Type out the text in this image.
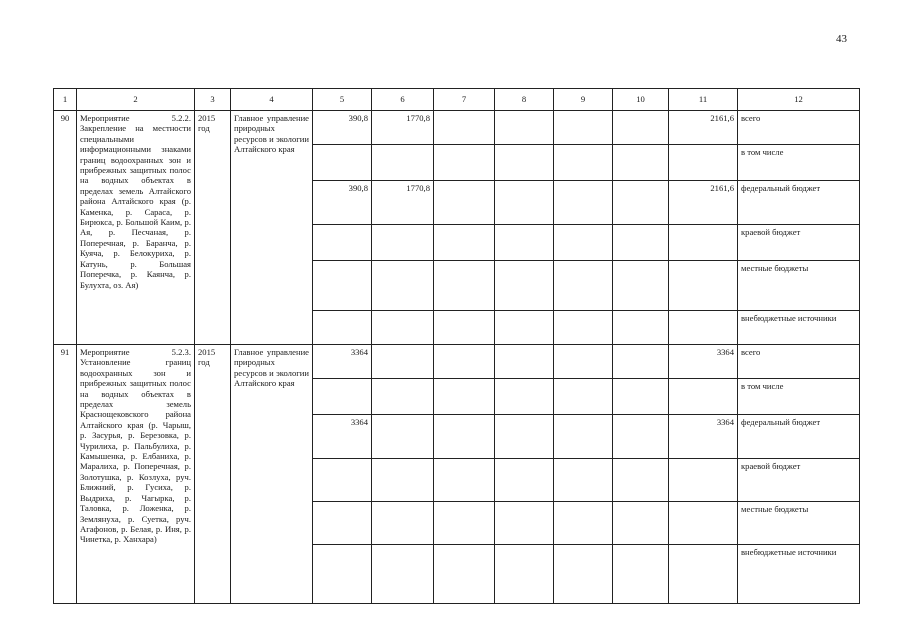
43
1	2	3	4	5	6	7	8	9	10	11	12
90	Мероприятие 5.2.2. Закрепление на местности специальными информационными знаками границ водоохранных зон и прибрежных защитных полос на водных объектах в пределах земель Алтайского района Алтайского края (р. Каменка, р. Сараса, р. Бирюкса, р. Большой Каим, р. Ая, р. Песчаная, р. Поперечная, р. Баранча, р. Куяча, р. Белокуриха, р. Катунь, р. Большая Поперечка, р. Каянча, р. Булухта, оз. Ая)	2015 год	Главное управление природных ресурсов и экологии Алтайского края	390,8	1770,8					2161,6	всего
											в том числе
				390,8	1770,8					2161,6	федеральный бюджет
											краевой бюджет
											местные бюджеты
											внебюджетные источники
91	Мероприятие 5.2.3. Установление границ водоохранных зон и прибрежных защитных полос на водных объектах в пределах земель Краснощековского района Алтайского края (р. Чарыш, р. Засурья, р. Березовка, р. Чурилиха, р. Пальбулиха, р. Камышенка, р. Елбаниха, р. Маралиха, р. Поперечная, р. Золотушка, р. Козлуха, руч. Ближний, р. Гусиха, р. Выдриха, р. Чагырка, р. Таловка, р. Ложенка, р. Землянуха, р. Суетка, руч. Агафонов, р. Белая, р. Иня, р. Чинетка, р. Ханхара)	2015 год	Главное управление природных ресурсов и экологии Алтайского края	3364						3364	всего
											в том числе
				3364						3364	федеральный бюджет
											краевой бюджет
											местные бюджеты
											внебюджетные источники
